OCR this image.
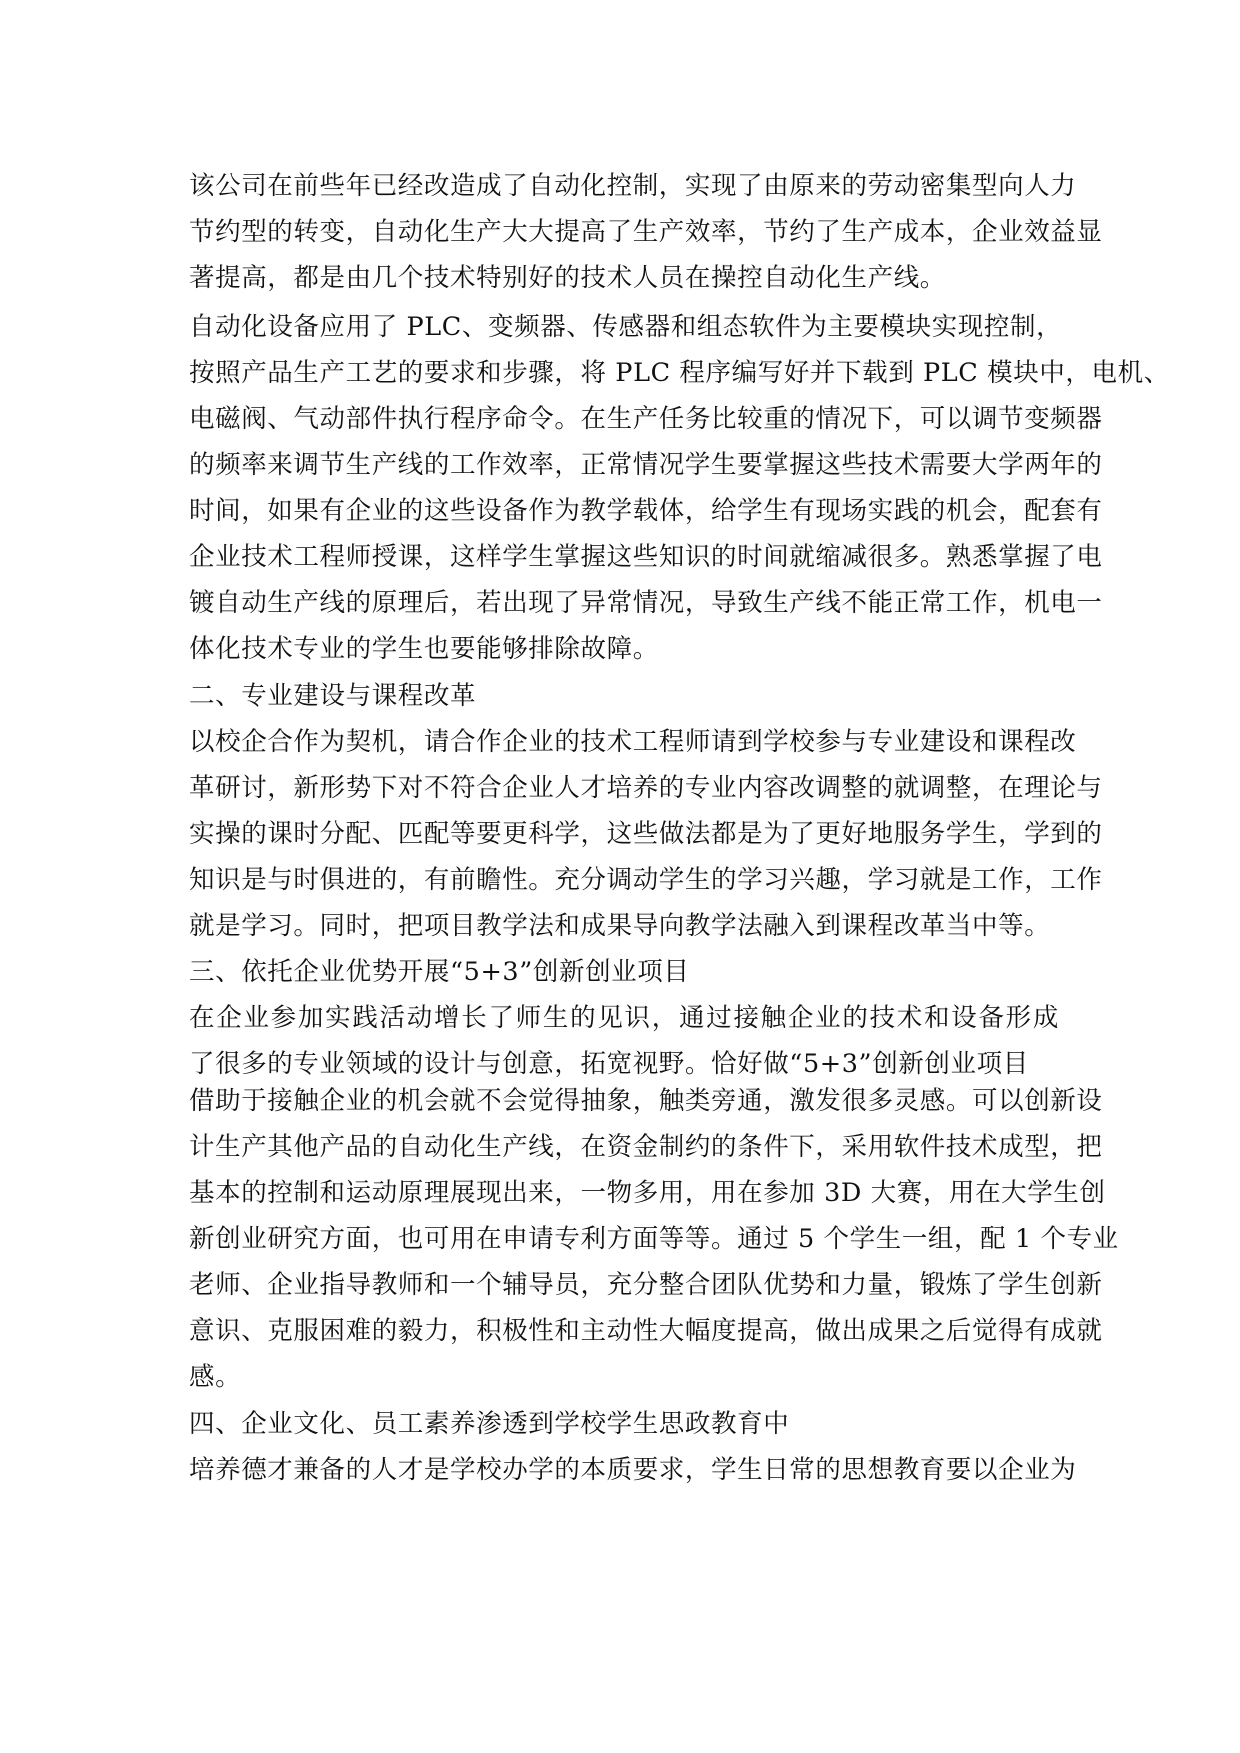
该公司在前些年已经改造成了自动化控制，实现了由原来的劳动密集型向人力
节约型的转变，自动化生产大大提高了生产效率，节约了生产成本，企业效益显
著提高，都是由几个技术特别好的技术人员在操控自动化生产线。
自动化设备应用了 PLC、变频器、传感器和组态软件为主要模块实现控制，
按照产品生产工艺的要求和步骤，将 PLC 程序编写好并下载到 PLC 模块中，电机、
电磁阀、气动部件执行程序命令。在生产任务比较重的情况下，可以调节变频器
的频率来调节生产线的工作效率，正常情况学生要掌握这些技术需要大学两年的
时间，如果有企业的这些设备作为教学载体，给学生有现场实践的机会，配套有
企业技术工程师授课，这样学生掌握这些知识的时间就缩减很多。熟悉掌握了电
镀自动生产线的原理后，若出现了异常情况，导致生产线不能正常工作，机电一
体化技术专业的学生也要能够排除故障。
二、专业建设与课程改革
以校企合作为契机，请合作企业的技术工程师请到学校参与专业建设和课程改
革研讨，新形势下对不符合企业人才培养的专业内容改调整的就调整，在理论与
实操的课时分配、匹配等要更科学，这些做法都是为了更好地服务学生，学到的
知识是与时俱进的，有前瞻性。充分调动学生的学习兴趣，学习就是工作，工作
就是学习。同时，把项目教学法和成果导向教学法融入到课程改革当中等。
三、依托企业优势开展“5+3”创新创业项目
在企业参加实践活动增长了师生的见识，通过接触企业的技术和设备形成
了很多的专业领域的设计与创意，拓宽视野。恰好做“5+3”创新创业项目
借助于接触企业的机会就不会觉得抽象，触类旁通，激发很多灵感。可以创新设
计生产其他产品的自动化生产线，在资金制约的条件下，采用软件技术成型，把
基本的控制和运动原理展现出来，一物多用，用在参加 3D 大赛，用在大学生创
新创业研究方面，也可用在申请专利方面等等。通过 5 个学生一组，配 1 个专业
老师、企业指导教师和一个辅导员，充分整合团队优势和力量，锻炼了学生创新
意识、克服困难的毅力，积极性和主动性大幅度提高，做出成果之后觉得有成就
感。
四、企业文化、员工素养渗透到学校学生思政教育中
培养德才兼备的人才是学校办学的本质要求，学生日常的思想教育要以企业为
